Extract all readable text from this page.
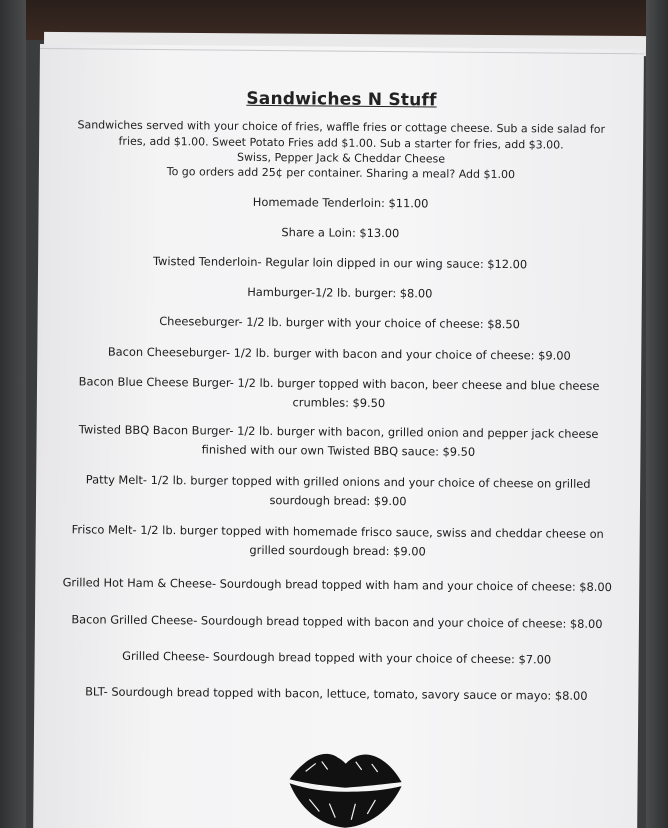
Sandwiches N Stuff
Sandwiches served with your choice of fries, waffle fries or cottage cheese. Sub a side salad for
fries, add $1.00. Sweet Potato Fries add $1.00. Sub a starter for fries, add $3.00.
Swiss, Pepper Jack & Cheddar Cheese
To go orders add 25¢ per container. Sharing a meal? Add $1.00
Homemade Tenderloin: $11.00
Share a Loin: $13.00
Twisted Tenderloin- Regular loin dipped in our wing sauce: $12.00
Hamburger-1/2 lb. burger: $8.00
Cheeseburger- 1/2 lb. burger with your choice of cheese: $8.50
Bacon Cheeseburger- 1/2 lb. burger with bacon and your choice of cheese: $9.00
Bacon Blue Cheese Burger- 1/2 lb. burger topped with bacon, beer cheese and blue cheese
crumbles: $9.50
Twisted BBQ Bacon Burger- 1/2 lb. burger with bacon, grilled onion and pepper jack cheese
finished with our own Twisted BBQ sauce: $9.50
Patty Melt- 1/2 lb. burger topped with grilled onions and your choice of cheese on grilled
sourdough bread: $9.00
Frisco Melt- 1/2 lb. burger topped with homemade frisco sauce, swiss and cheddar cheese on
grilled sourdough bread: $9.00
Grilled Hot Ham & Cheese- Sourdough bread topped with ham and your choice of cheese: $8.00
Bacon Grilled Cheese- Sourdough bread topped with bacon and your choice of cheese: $8.00
Grilled Cheese- Sourdough bread topped with your choice of cheese: $7.00
BLT- Sourdough bread topped with bacon, lettuce, tomato, savory sauce or mayo: $8.00
